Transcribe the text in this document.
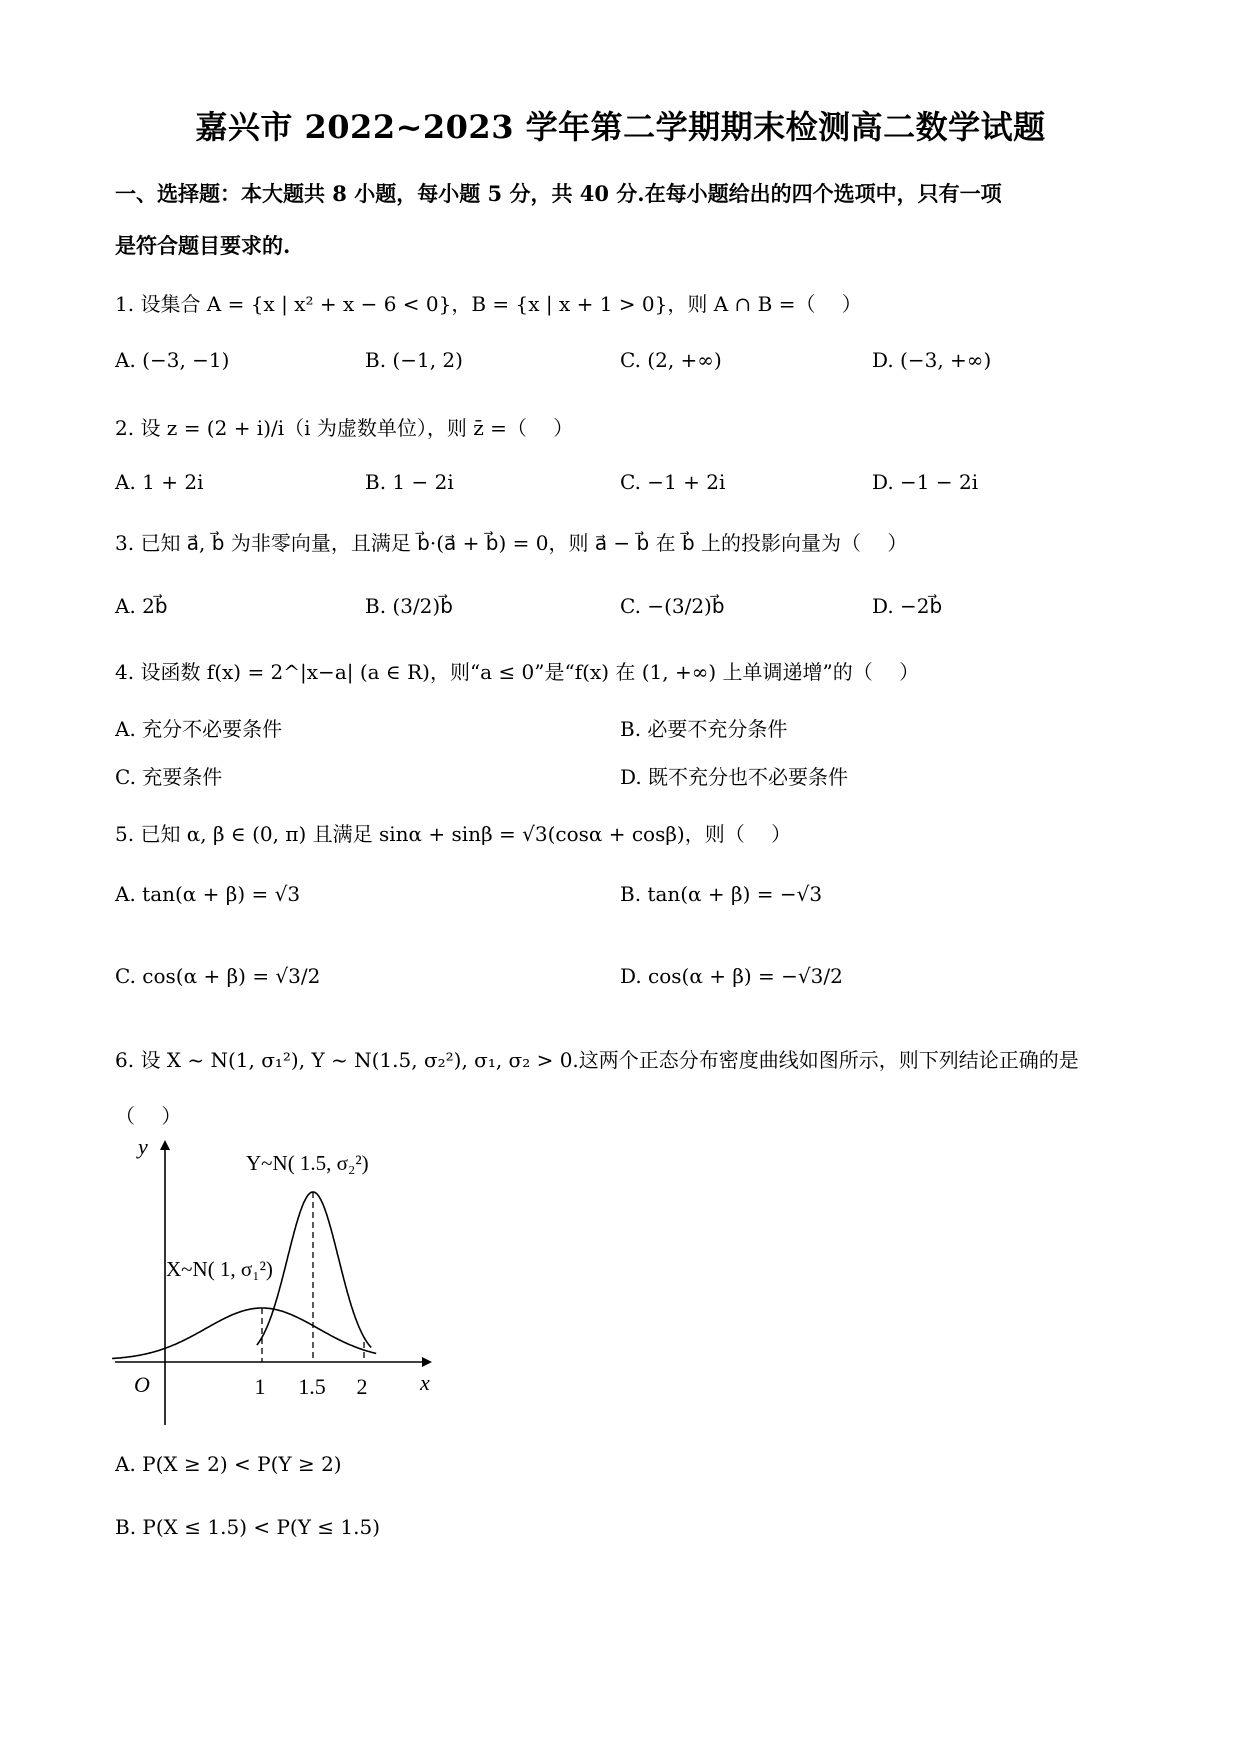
嘉兴市 2022~2023 学年第二学期期末检测高二数学试题
一、选择题：本大题共 8 小题，每小题 5 分，共 40 分.在每小题给出的四个选项中，只有一项
是符合题目要求的.
1. 设集合 A = {x | x² + x − 6 < 0}，B = {x | x + 1 > 0}，则 A ∩ B =（　 ）
A. (−3, −1)	B. (−1, 2)	C. (2, +∞)	D. (−3, +∞)
2. 设 z = (2 + i)/i（i 为虚数单位），则 z̄ =（　 ）
A. 1 + 2i	B. 1 − 2i	C. −1 + 2i	D. −1 − 2i
3. 已知 a⃗, b⃗ 为非零向量，且满足 b⃗·(a⃗ + b⃗) = 0，则 a⃗ − b⃗ 在 b⃗ 上的投影向量为（　 ）
A. 2b⃗	B. (3/2)b⃗	C. −(3/2)b⃗	D. −2b⃗
4. 设函数 f(x) = 2^|x−a| (a ∈ R)，则“a ≤ 0”是“f(x) 在 (1, +∞) 上单调递增”的（　 ）
A. 充分不必要条件	B. 必要不充分条件
C. 充要条件	D. 既不充分也不必要条件
5. 已知 α, β ∈ (0, π) 且满足 sinα + sinβ = √3(cosα + cosβ)，则（　 ）
A. tan(α + β) = √3	B. tan(α + β) = −√3
C. cos(α + β) = √3/2	D. cos(α + β) = −√3/2
6. 设 X ~ N(1, σ₁²), Y ~ N(1.5, σ₂²), σ₁, σ₂ > 0.这两个正态分布密度曲线如图所示，则下列结论正确的是
（　 ）
y
x
O	1 1.5 2
Y~N( 1.5, σ₂²)
X~N( 1, σ₁²)
A. P(X ≥ 2) < P(Y ≥ 2)
B. P(X ≤ 1.5) < P(Y ≤ 1.5)
